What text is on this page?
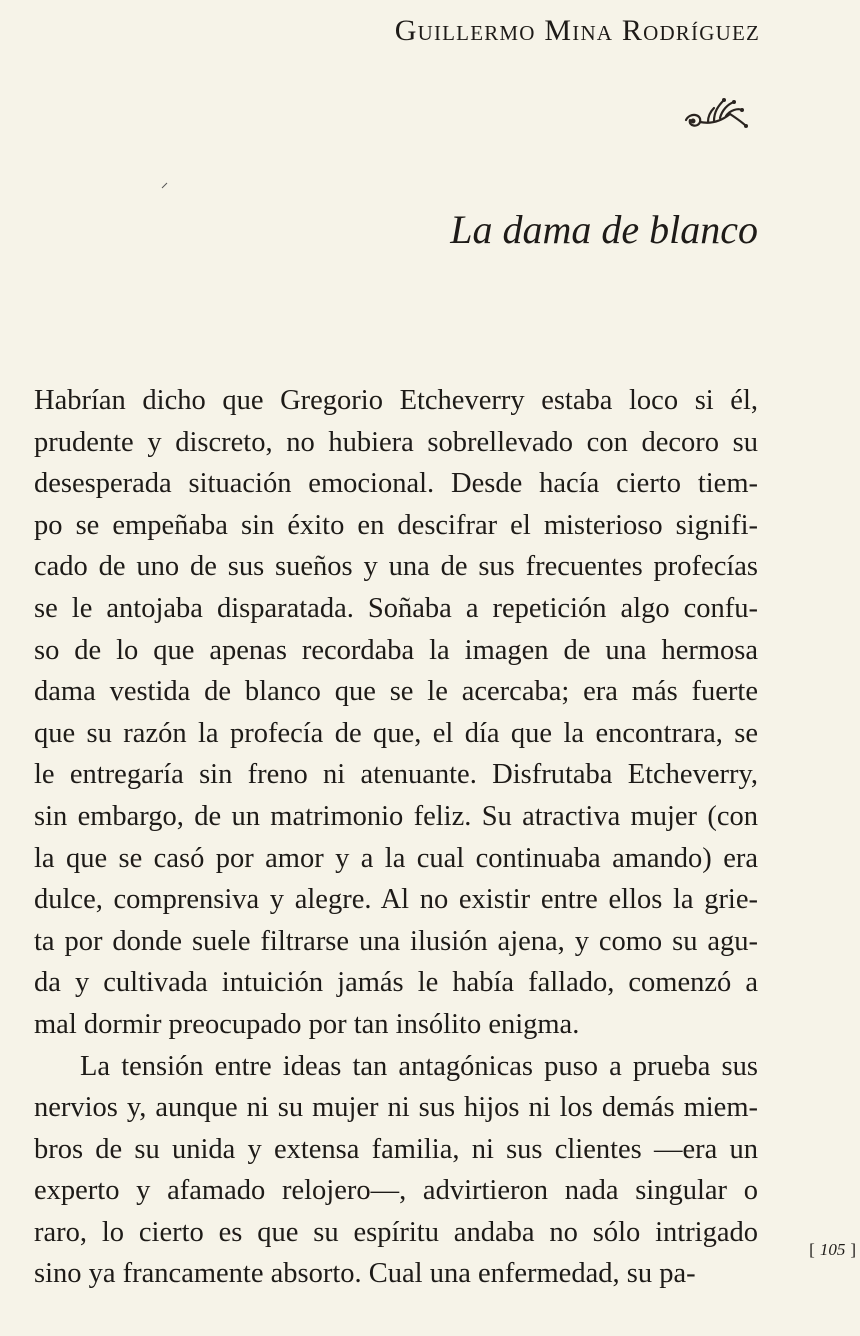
Guillermo Mina Rodríguez
La dama de blanco

Habrían dicho que Gregorio Etcheverry estaba loco si él,
prudente y discreto, no hubiera sobrellevado con decoro su
desesperada situación emocional. Desde hacía cierto tiem-
po se empeñaba sin éxito en descifrar el misterioso signifi-
cado de uno de sus sueños y una de sus frecuentes profecías
se le antojaba disparatada. Soñaba a repetición algo confu-
so de lo que apenas recordaba la imagen de una hermosa
dama vestida de blanco que se le acercaba; era más fuerte
que su razón la profecía de que, el día que la encontrara, se
le entregaría sin freno ni atenuante. Disfrutaba Etcheverry,
sin embargo, de un matrimonio feliz. Su atractiva mujer (con
la que se casó por amor y a la cual continuaba amando) era
dulce, comprensiva y alegre. Al no existir entre ellos la grie-
ta por donde suele filtrarse una ilusión ajena, y como su agu-
da y cultivada intuición jamás le había fallado, comenzó a
mal dormir preocupado por tan insólito enigma.

La tensión entre ideas tan antagónicas puso a prueba sus
nervios y, aunque ni su mujer ni sus hijos ni los demás miem-
bros de su unida y extensa familia, ni sus clientes —era un
experto y afamado relojero—, advirtieron nada singular o
raro, lo cierto es que su espíritu andaba no sólo intrigado
sino ya francamente absorto. Cual una enfermedad, su pa-

[ 105 ]
